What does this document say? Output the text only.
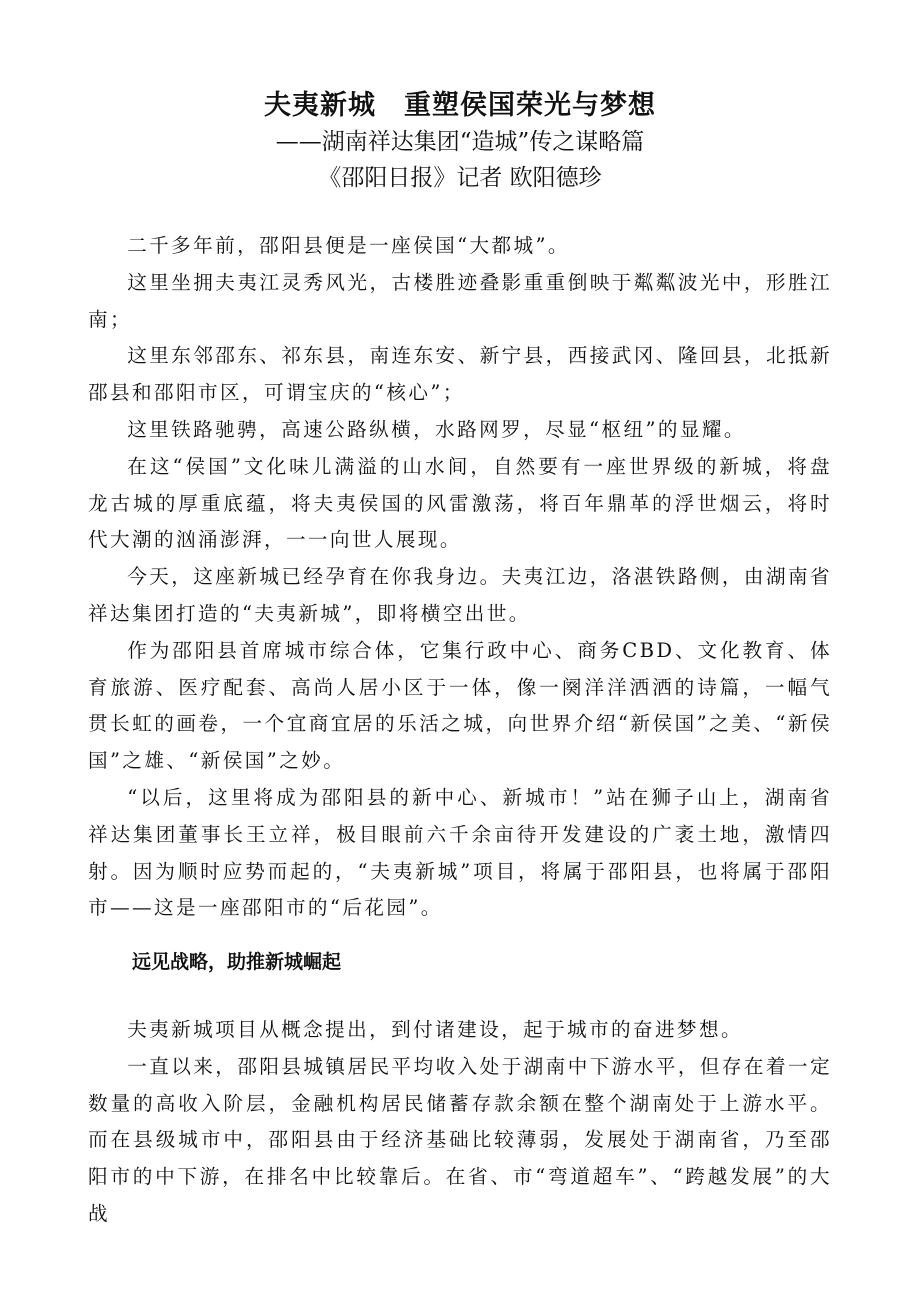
夫夷新城　重塑侯国荣光与梦想

——湖南祥达集团“造城”传之谋略篇

《邵阳日报》记者 欧阳德珍

二千多年前，邵阳县便是一座侯国“大都城”。

这里坐拥夫夷江灵秀风光，古楼胜迹叠影重重倒映于粼粼波光中，形胜江南；

这里东邻邵东、祁东县，南连东安、新宁县，西接武冈、隆回县，北抵新邵县和邵阳市区，可谓宝庆的“核心”；

这里铁路驰骋，高速公路纵横，水路网罗，尽显“枢纽”的显耀。

在这“侯国”文化味儿满溢的山水间，自然要有一座世界级的新城，将盘龙古城的厚重底蕴，将夫夷侯国的风雷激荡，将百年鼎革的浮世烟云，将时代大潮的汹涌澎湃，一一向世人展现。

今天，这座新城已经孕育在你我身边。夫夷江边，洛湛铁路侧，由湖南省祥达集团打造的“夫夷新城”，即将横空出世。

作为邵阳县首席城市综合体，它集行政中心、商务CBD、文化教育、体育旅游、医疗配套、高尚人居小区于一体，像一阕洋洋洒洒的诗篇，一幅气贯长虹的画卷，一个宜商宜居的乐活之城，向世界介绍“新侯国”之美、“新侯国”之雄、“新侯国”之妙。

“以后，这里将成为邵阳县的新中心、新城市！”站在狮子山上，湖南省祥达集团董事长王立祥，极目眼前六千余亩待开发建设的广袤土地，激情四射。因为顺时应势而起的，“夫夷新城”项目，将属于邵阳县，也将属于邵阳市——这是一座邵阳市的“后花园”。

远见战略，助推新城崛起

夫夷新城项目从概念提出，到付诸建设，起于城市的奋进梦想。

一直以来，邵阳县城镇居民平均收入处于湖南中下游水平，但存在着一定数量的高收入阶层，金融机构居民储蓄存款余额在整个湖南处于上游水平。而在县级城市中，邵阳县由于经济基础比较薄弱，发展处于湖南省，乃至邵阳市的中下游，在排名中比较靠后。在省、市“弯道超车”、“跨越发展”的大战
